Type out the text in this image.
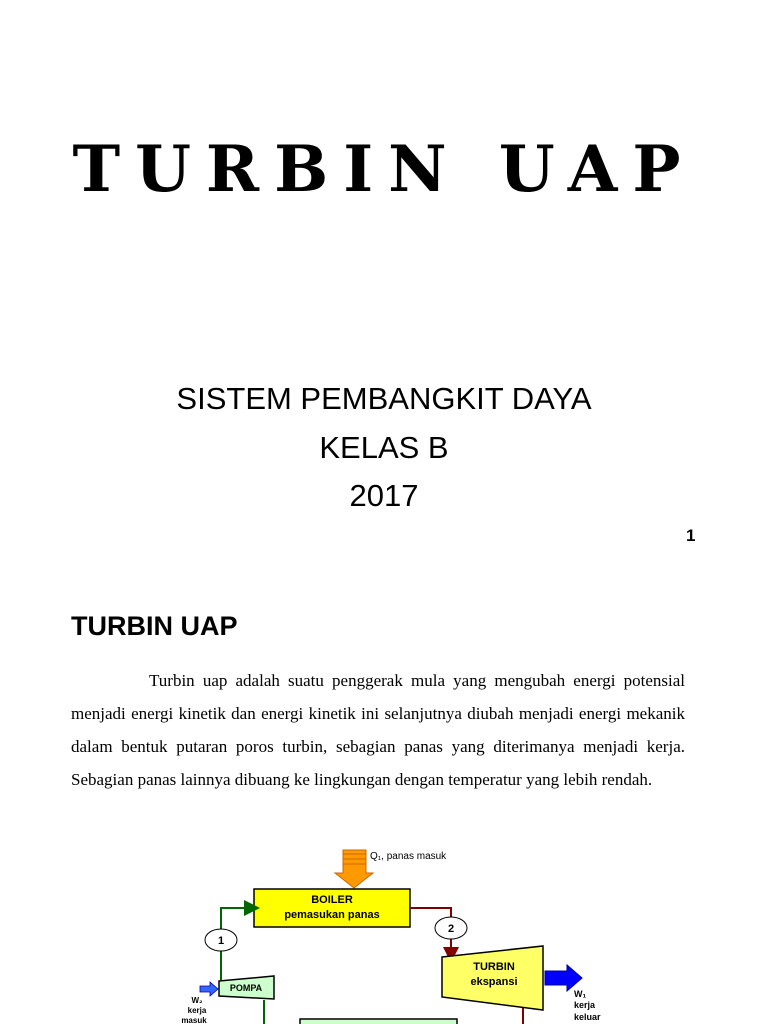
TURBIN UAP
SISTEM PEMBANGKIT DAYA
KELAS B
2017
1
TURBIN UAP

Turbin uap adalah suatu penggerak mula yang mengubah energi potensial menjadi energi kinetik dan energi kinetik ini selanjutnya diubah menjadi energi mekanik dalam bentuk putaran poros turbin, sebagian panas yang diterimanya menjadi kerja. Sebagian panas lainnya dibuang ke lingkungan dengan temperatur yang lebih rendah.

Q₁, panas masuk
BOILER
pemasukan panas
1
2
TURBIN
ekspansi
W₁
kerja
keluar
POMPA
W₂
kerja
masuk
